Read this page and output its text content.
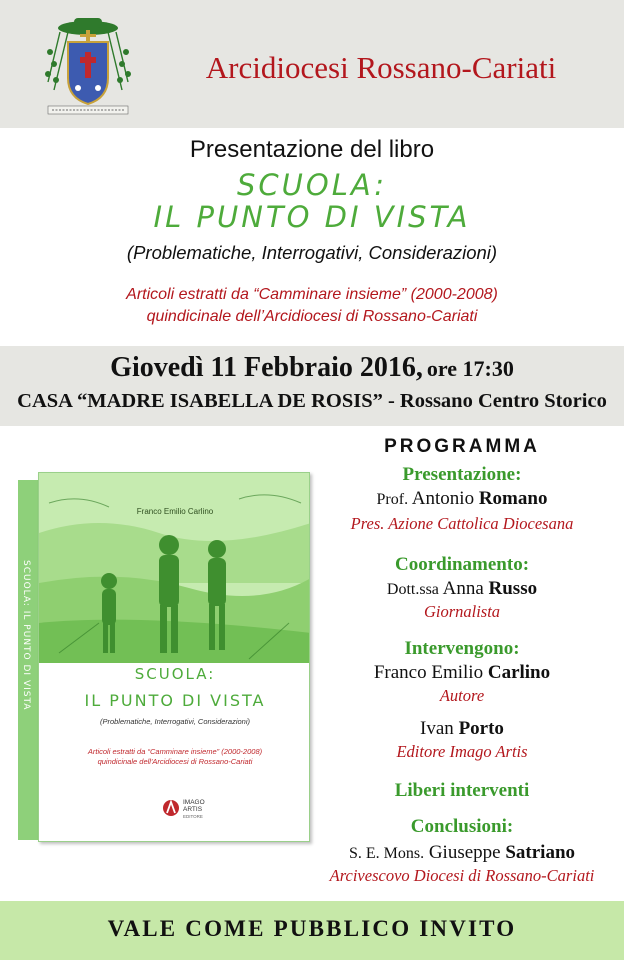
Arcidiocesi Rossano-Cariati
Presentazione del libro
SCUOLA:
IL PUNTO DI VISTA
(Problematiche, Interrogativi, Considerazioni)
Articoli estratti da “Camminare insieme” (2000-2008)
quindicinale dell’Arcidiocesi di Rossano-Cariati
Giovedì 11 Febbraio 2016, ore 17:30
CASA “MADRE ISABELLA DE ROSIS” - Rossano Centro Storico
SCUOLA: IL PUNTO DI VISTA
Franco Emilio Carlino
SCUOLA:
IL PUNTO DI VISTA
(Problematiche, Interrogativi, Considerazioni)
Articoli estratti da “Camminare insieme” (2000-2008)
quindicinale dell'Arcidiocesi di Rossano-Cariati
IMAGO
ARTIS
EDITORE
PROGRAMMA
Presentazione:
Prof. Antonio Romano
Pres. Azione Cattolica Diocesana
Coordinamento:
Dott.ssa Anna Russo
Giornalista
Intervengono:
Franco Emilio Carlino
Autore
Ivan Porto
Editore Imago Artis
Liberi interventi
Conclusioni:
S. E. Mons. Giuseppe Satriano
Arcivescovo Diocesi di Rossano-Cariati
VALE COME PUBBLICO INVITO
